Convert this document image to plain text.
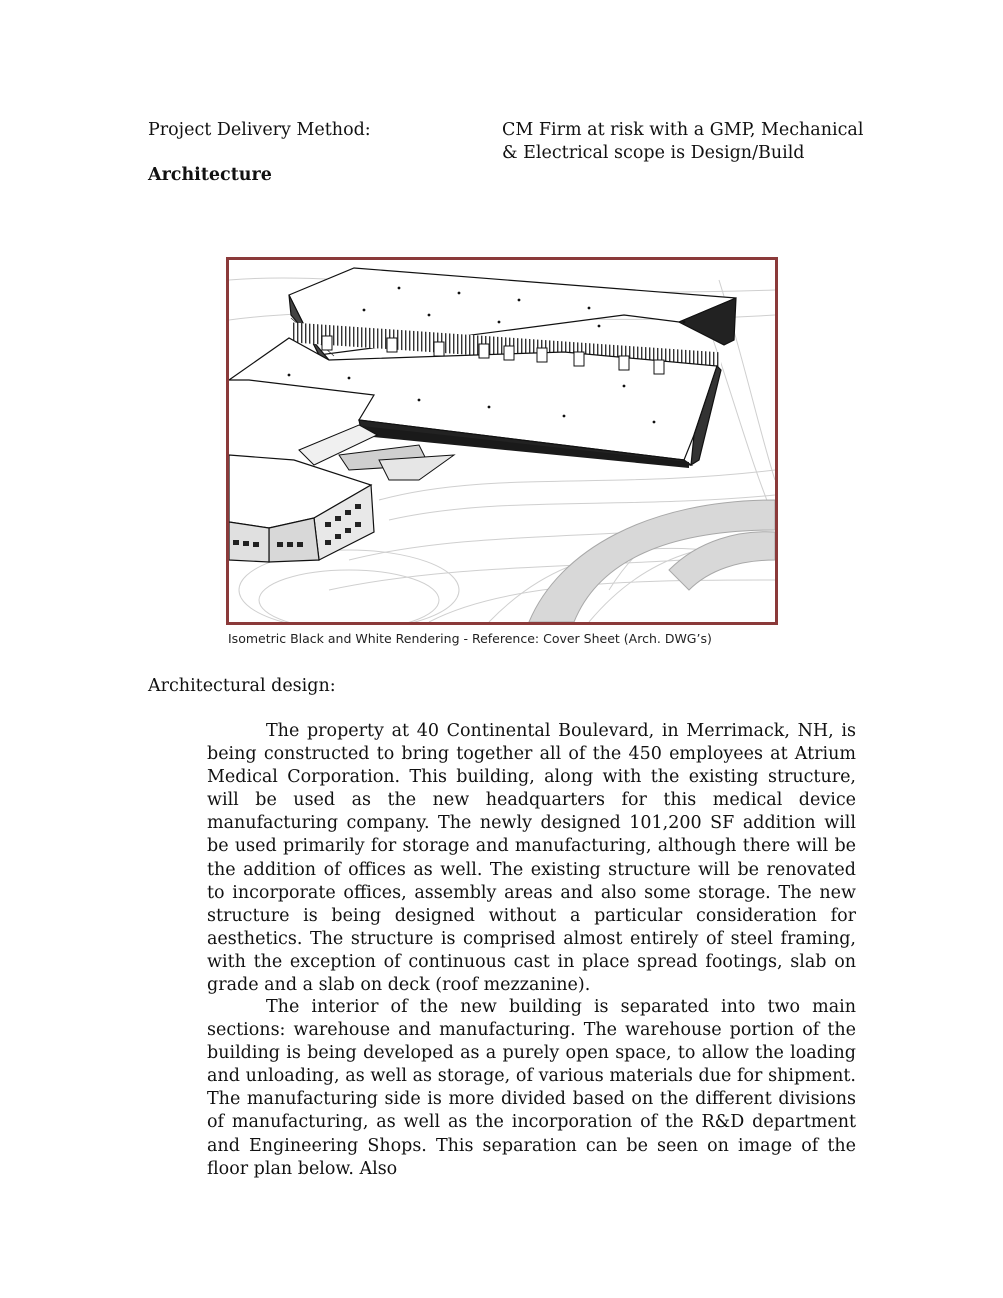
Project Delivery Method:	CM Firm at risk with a GMP, Mechanical & Electrical scope is Design/Build
Architecture
Isometric Black and White Rendering - Reference: Cover Sheet (Arch. DWG’s)
Architectural design:

The property at 40 Continental Boulevard, in Merrimack, NH, is being constructed to bring together all of the 450 employees at Atrium Medical Corporation. This building, along with the existing structure, will be used as the new headquarters for this medical device manufacturing company. The newly designed 101,200 SF addition will be used primarily for storage and manufacturing, although there will be the addition of offices as well. The existing structure will be renovated to incorporate offices, assembly areas and also some storage. The new structure is being designed without a particular consideration for aesthetics. The structure is comprised almost entirely of steel framing, with the exception of continuous cast in place spread footings, slab on grade and a slab on deck (roof mezzanine).

The interior of the new building is separated into two main sections: warehouse and manufacturing. The warehouse portion of the building is being developed as a purely open space, to allow the loading and unloading, as well as storage, of various materials due for shipment. The manufacturing side is more divided based on the different divisions of manufacturing, as well as the incorporation of the R&D department and Engineering Shops. This separation can be seen on image of the floor plan below. Also
